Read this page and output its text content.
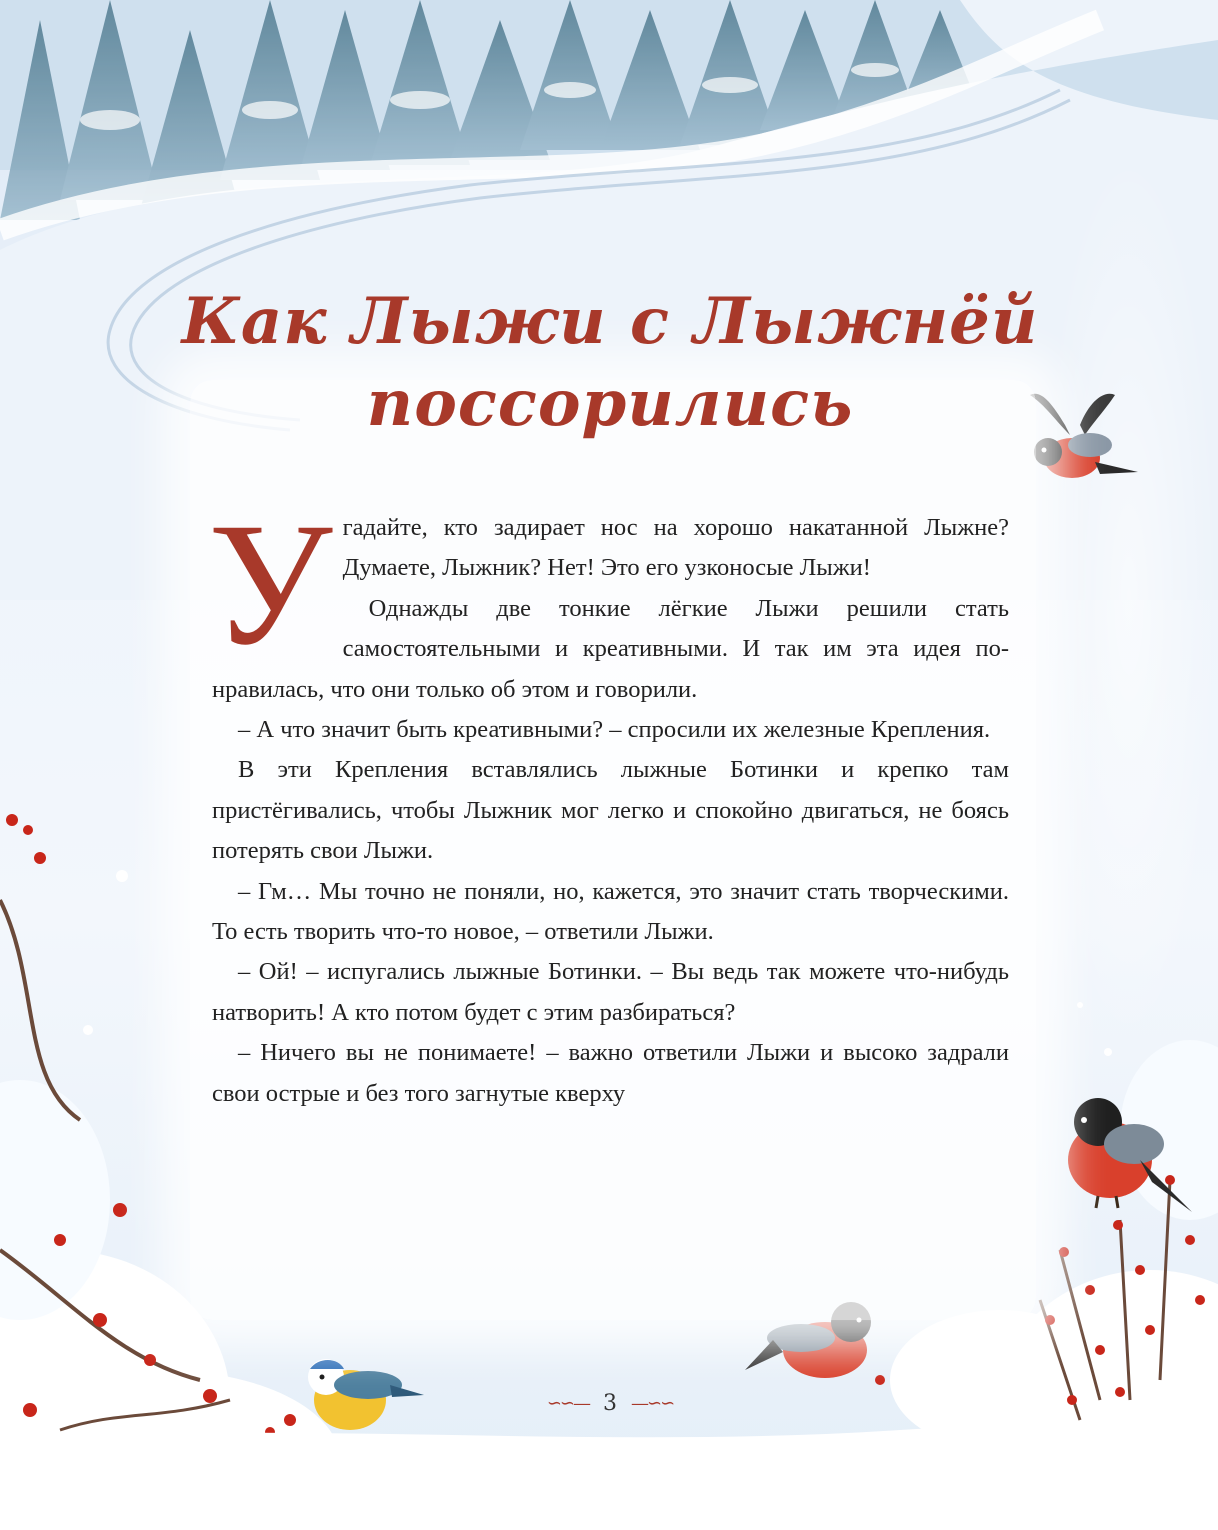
Как Лыжи с Лыжнёй
поссорились
У гадайте, кто задирает нос на хорошо накатанной Лыжне? Думаете, Лыжник? Нет! Это его узконосые Лыжи!

Однажды две тонкие лёгкие Лыжи решили стать самостоятельными и креативными. И так им эта идея понравилась, что они только об этом и говорили.

– А что значит быть креативными? – спросили их железные Крепления.

В эти Крепления вставлялись лыжные Ботинки и крепко там пристёгивались, чтобы Лыжник мог легко и спокойно двигаться, не боясь потерять свои Лыжи.

– Гм… Мы точно не поняли, но, кажется, это значит стать творческими. То есть творить что-то новое, – ответили Лыжи.

– Ой! – испугались лыжные Ботинки. – Вы ведь так можете что-нибудь натворить! А кто потом будет с этим разбираться?

– Ничего вы не понимаете! – важно ответили Лыжи и высоко задрали свои острые и без того загнутые кверху

∽∽— 3 —∽∽
